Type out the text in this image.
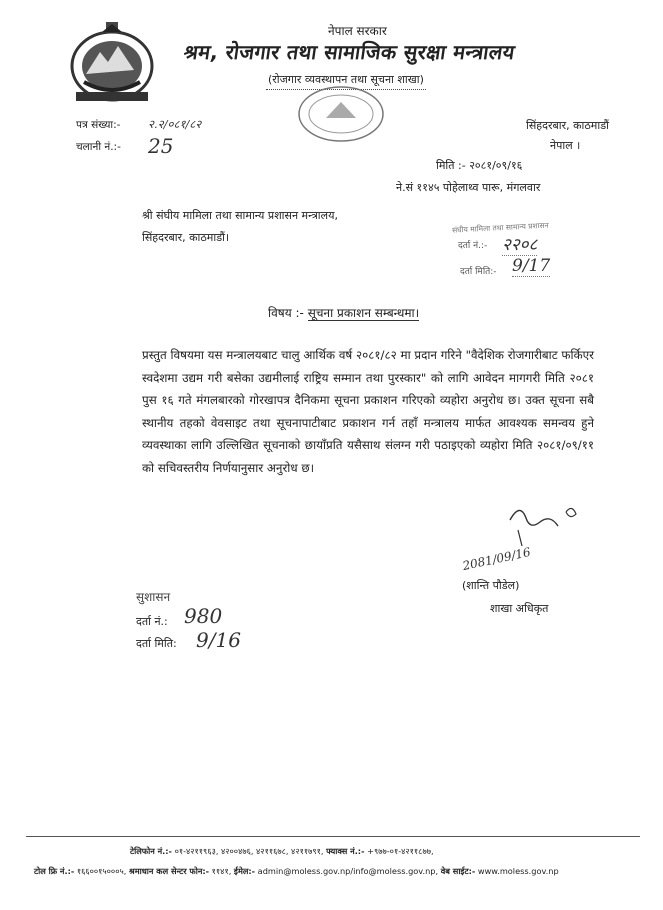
नेपाल सरकार
श्रम, रोजगार तथा सामाजिक सुरक्षा मन्त्रालय
(रोजगार व्यवस्थापन तथा सूचना शाखा)
पत्र संख्या:- २.२/०८१/८२
चलानी नं.:- 25
सिंहदरबार, काठमाडौं
नेपाल ।
मिति :- २०८१/०९/१६
ने.सं ११४५ पोहेलाथ्व पारू, मंगलवार
श्री संघीय मामिला तथा सामान्य प्रशासन मन्त्रालय,
सिंहदरबार, काठमाडौं।
संघीय मामिला तथा सामान्य प्रशासन
दर्ता नं.:- २२०८
दर्ता मिति:- 9/17
विषय :- सूचना प्रकाशन सम्बन्धमा।
प्रस्तुत विषयमा यस मन्त्रालयबाट चालु आर्थिक वर्ष २०८१/८२ मा प्रदान गरिने "वैदेशिक रोजगारीबाट फर्किएर स्वदेशमा उद्यम गरी बसेका उद्यमीलाई राष्ट्रिय सम्मान तथा पुरस्कार" को लागि आवेदन मागगरी मिति २०८१ पुस १६ गते मंगलबारको गोरखापत्र दैनिकमा सूचना प्रकाशन गरिएको व्यहोरा अनुरोध छ। उक्त सूचना सबै स्थानीय तहको वेवसाइट तथा सूचनापाटीबाट प्रकाशन गर्न तहाँ मन्त्रालय मार्फत आवश्यक समन्वय हुने व्यवस्थाका लागि उल्लिखित सूचनाको छायाँप्रति यसैसाथ संलग्न गरी पठाइएको व्यहोरा मिति २०८१/०९/११ को सचिवस्तरीय निर्णयानुसार अनुरोध छ।
2081/09/16
(शान्ति पौडेल)
शाखा अधिकृत
सुशासन
दर्ता नं.: 980
दर्ता मिति: 9/16
टेलिफोन नं.:- ०१-४२११९६३, ४२००४७६, ४२११६७८, ४२११७९१, फ्याक्स नं.:- +९७७-०१-४२११८७७,
टोल फ्रि नं.:- १६६००१५०००५, श्रमाधान कल सेन्टर फोन:- ११४१, ईमेल:- admin@moless.gov.np/info@moless.gov.np, वेब साईट:- www.moless.gov.np
